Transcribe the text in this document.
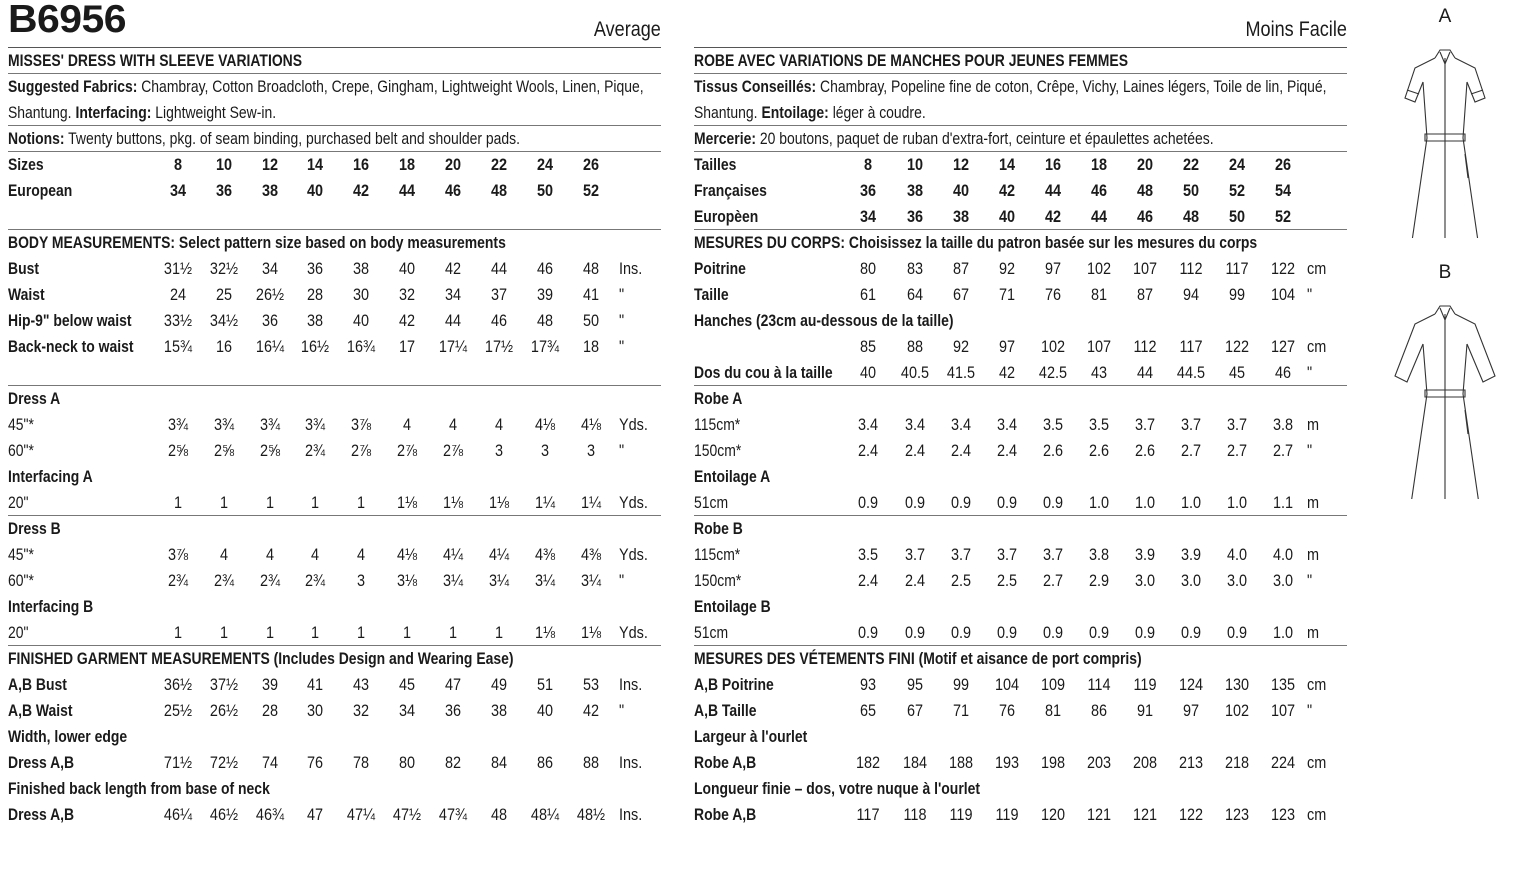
B6956	Average
MISSES' DRESS WITH SLEEVE VARIATIONS
Suggested Fabrics: Chambray, Cotton Broadcloth, Crepe, Gingham, Lightweight Wools, Linen, Pique,
Shantung. Interfacing: Lightweight Sew-in.
Notions: Twenty buttons, pkg. of seam binding, purchased belt and shoulder pads.
Sizes	8	10	12	14	16	18	20	22	24	26
European	34	36	38	40	42	44	46	48	50	52
BODY MEASUREMENTS: Select pattern size based on body measurements
Bust	31½	32½	34	36	38	40	42	44	46	48	Ins.
Waist	24	25	26½	28	30	32	34	37	39	41	"
Hip-9" below waist	33½	34½	36	38	40	42	44	46	48	50	"
Back-neck to waist	15¾	16	16¼ 16½	16¾	17	17¼	17½	17¾	18	"
Dress A
45"*	3¾	3¾	3¾	3¾	3⅞	4	4	4	4⅛	4⅛	Yds.
60"*	2⅝	2⅝	2⅝	2¾	2⅞	2⅞	2⅞	3	3	3	"
Interfacing A
20"	1	1	1	1	1	1⅛	1⅛	1⅛	1¼	1¼	Yds.
Dress B
45"*	3⅞	4	4	4	4	4⅛	4¼	4¼	4⅜	4⅜	Yds.
60"*	2¾	2¾	2¾	2¾	3	3⅛	3¼	3¼	3¼	3¼	"
Interfacing B
20"	1	1	1	1	1	1	1	1	1⅛	1⅛	Yds.
FINISHED GARMENT MEASUREMENTS (Includes Design and Wearing Ease)
A,B Bust	36½	37½	39	41	43	45	47	49	51	53	Ins.
A,B Waist	25½	26½	28	30	32	34	36	38	40	42	"
Width, lower edge
Dress A,B	71½	72½	74	76	78	80	82	84	86	88	Ins.
Finished back length from base of neck
Dress A,B	46¼	46½	46¾	47	47¼	47½	47¾	48	48¼	48½ Ins.
Moins Facile
ROBE AVEC VARIATIONS DE MANCHES POUR JEUNES FEMMES
Tissus Conseillés: Chambray, Popeline fine de coton, Crêpe, Vichy, Laines légers, Toile de lin, Piqué,
Shantung. Entoilage: léger à coudre.
Mercerie: 20 boutons, paquet de ruban d'extra-fort, ceinture et épaulettes achetées.
Tailles	8	10	12	14	16	18	20	22	24	26
Françaises	36	38	40	42	44	46	48	50	52	54
Europèen	34	36	38	40	42	44	46	48	50	52
MESURES DU CORPS: Choisissez la taille du patron basée sur les mesures du corps
Poitrine	80	83	87	92	97	102	107	112	117	122 cm
Taille	61	64	67	71	76	81	87	94	99	104 "
Hanches (23cm au-dessous de la taille)
85	88	92	97	102	107	112	117	122	127 cm
Dos du cou à la taille	40	40.5	41.5	42	42.5	43	44	44.5	45	46 "
Robe A
115cm*	3.4	3.4	3.4	3.4	3.5	3.5	3.7	3.7	3.7	3.8 m
150cm*	2.4	2.4	2.4	2.4	2.6	2.6	2.6	2.7	2.7	2.7 "
Entoilage A
51cm	0.9	0.9	0.9	0.9	0.9	1.0	1.0	1.0	1.0	1.1 m
Robe B
115cm*	3.5	3.7	3.7	3.7	3.7	3.8	3.9	3.9	4.0	4.0 m
150cm*	2.4	2.4	2.5	2.5	2.7	2.9	3.0	3.0	3.0	3.0 "
Entoilage B
51cm	0.9	0.9	0.9	0.9	0.9	0.9	0.9	0.9	0.9	1.0 m
MESURES DES VÉTEMENTS FINI (Motif et aisance de port compris)
A,B Poitrine	93	95	99	104	109	114	119	124	130	135 cm
A,B Taille	65	67	71	76	81	86	91	97	102	107 "
Largeur à l'ourlet
Robe A,B	182	184	188	193	198	203	208	213	218	224 cm
Longueur finie – dos, votre nuque à l'ourlet
Robe A,B	117	118	119	119	120	121	121	122	123	123 cm
A
B
